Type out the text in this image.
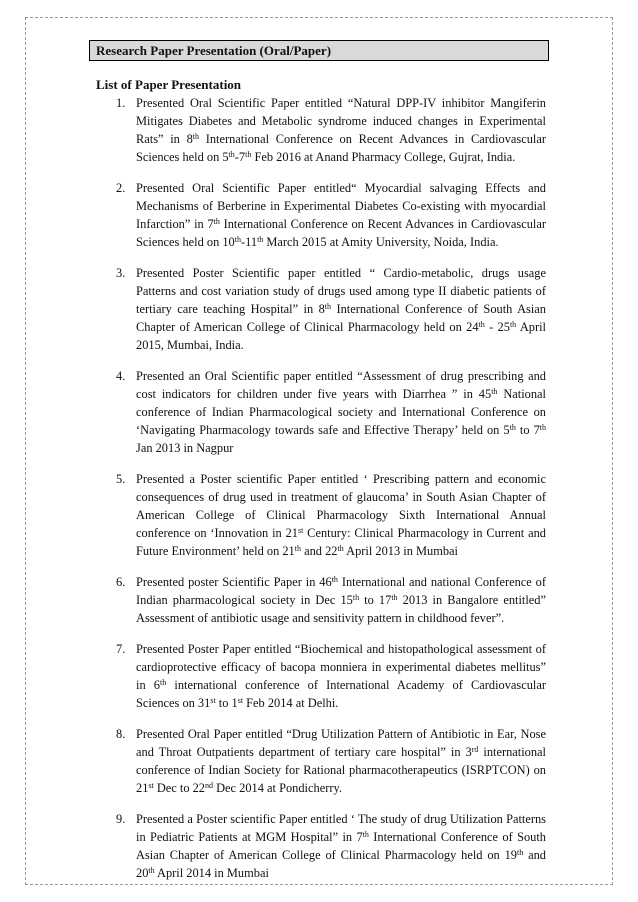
Research Paper Presentation (Oral/Paper)
List of Paper Presentation
1. Presented Oral Scientific Paper entitled “Natural DPP-IV inhibitor Mangiferin Mitigates Diabetes and Metabolic syndrome induced changes in Experimental Rats” in 8th International Conference on Recent Advances in Cardiovascular Sciences held on 5th-7th Feb 2016 at Anand Pharmacy College, Gujrat, India.
2. Presented Oral Scientific Paper entitled“ Myocardial salvaging Effects and Mechanisms of Berberine in Experimental Diabetes Co-existing with myocardial Infarction” in 7th International Conference on Recent Advances in Cardiovascular Sciences held on 10th-11th March 2015 at Amity University, Noida, India.
3. Presented Poster Scientific paper entitled “ Cardio-metabolic, drugs usage Patterns and cost variation study of drugs used among type II diabetic patients of tertiary care teaching Hospital” in 8th International Conference of South Asian Chapter of American College of Clinical Pharmacology held on 24th - 25th April 2015, Mumbai, India.
4. Presented an Oral Scientific paper entitled “Assessment of drug prescribing and cost indicators for children under five years with Diarrhea ” in 45th National conference of Indian Pharmacological society and International Conference on ‘Navigating Pharmacology towards safe and Effective Therapy’ held on 5th to 7th Jan 2013 in Nagpur
5. Presented a Poster scientific Paper entitled ‘ Prescribing pattern and economic consequences of drug used in treatment of glaucoma’ in South Asian Chapter of American College of Clinical Pharmacology Sixth International Annual conference on ‘Innovation in 21st Century: Clinical Pharmacology in Current and Future Environment’ held on 21th and 22th April 2013 in Mumbai
6. Presented poster Scientific Paper in 46th International and national Conference of Indian pharmacological society in Dec 15th to 17th 2013 in Bangalore entitled” Assessment of antibiotic usage and sensitivity pattern in childhood fever”.
7. Presented Poster Paper entitled “Biochemical and histopathological assessment of cardioprotective efficacy of bacopa monniera in experimental diabetes mellitus” in 6th international conference of International Academy of Cardiovascular Sciences on 31st to 1st Feb 2014 at Delhi.
8. Presented Oral Paper entitled “Drug Utilization Pattern of Antibiotic in Ear, Nose and Throat Outpatients department of tertiary care hospital” in 3rd international conference of Indian Society for Rational pharmacotherapeutics (ISRPTCON) on 21st Dec to 22nd Dec 2014 at Pondicherry.
9. Presented a Poster scientific Paper entitled ‘ The study of drug Utilization Patterns in Pediatric Patients at MGM Hospital” in 7th International Conference of South Asian Chapter of American College of Clinical Pharmacology held on 19th and 20th April 2014 in Mumbai
